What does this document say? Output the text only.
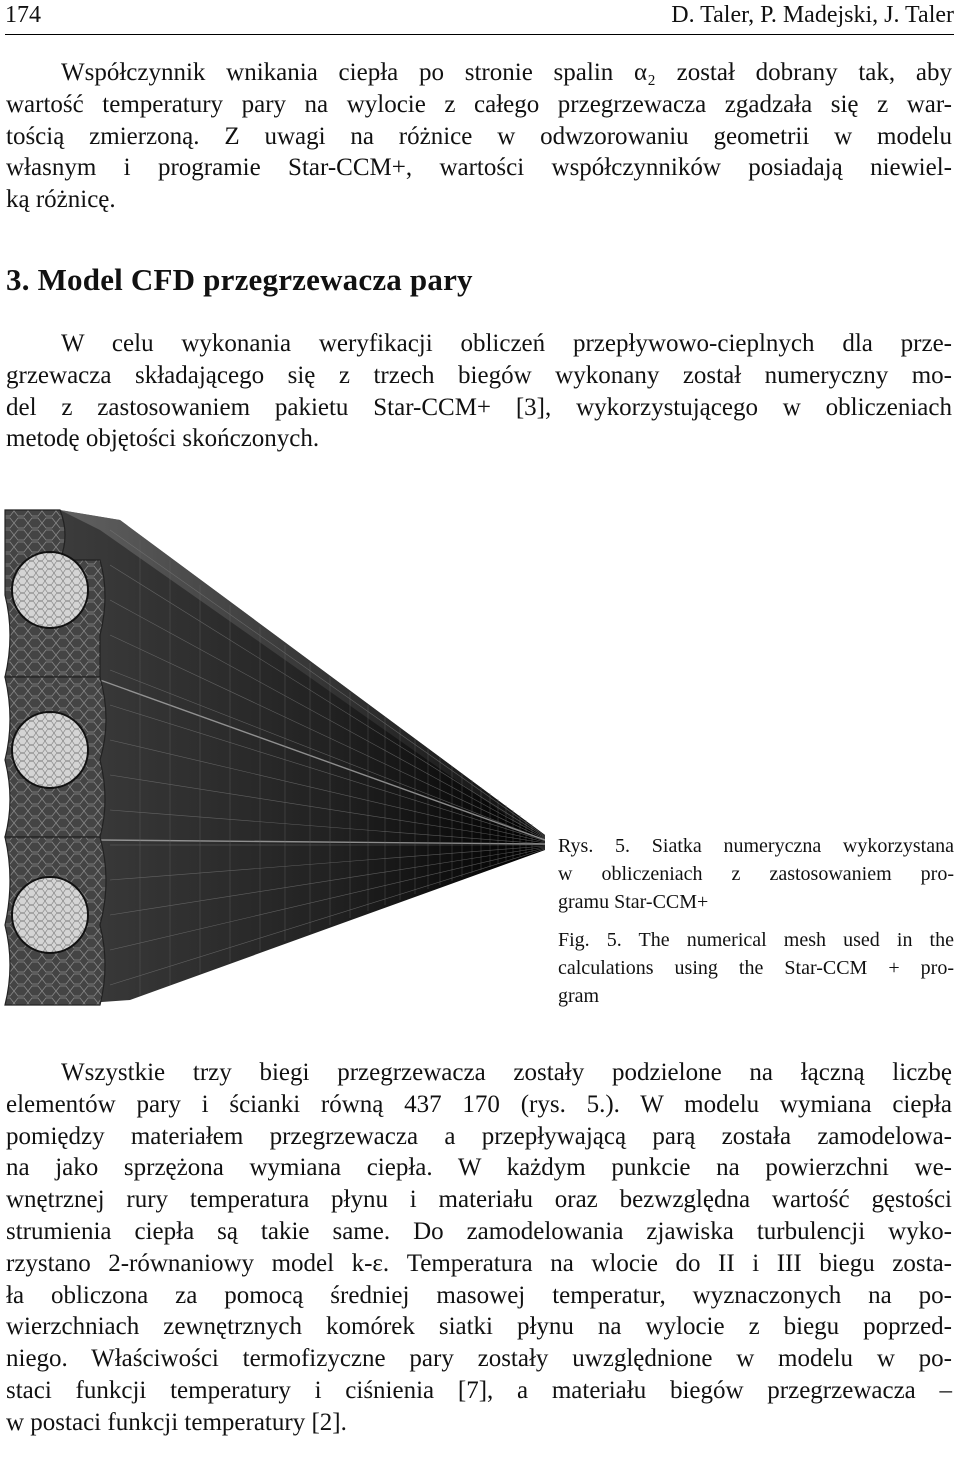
174	D. Taler, P. Madejski, J. Taler

Współczynnik wnikania ciepła po stronie spalin α₂ został dobrany tak, aby
wartość temperatury pary na wylocie z całego przegrzewacza zgadzała się z war-
tością zmierzoną. Z uwagi na różnice w odwzorowaniu geometrii w modelu
własnym i programie Star-CCM+, wartości współczynników posiadają niewiel-
ką różnicę.

3. Model CFD przegrzewacza pary

W celu wykonania weryfikacji obliczeń przepływowo-cieplnych dla prze-
grzewacza składającego się z trzech biegów wykonany został numeryczny mo-
del z zastosowaniem pakietu Star-CCM+ [3], wykorzystującego w obliczeniach
metodę objętości skończonych.

Rys. 5. Siatka numeryczna wykorzystana
w obliczeniach z zastosowaniem pro-
gramu Star-CCM+
Fig. 5. The numerical mesh used in the
calculations using the Star-CCM + pro-
gram

Wszystkie trzy biegi przegrzewacza zostały podzielone na łączną liczbę
elementów pary i ścianki równą 437 170 (rys. 5.). W modelu wymiana ciepła
pomiędzy materiałem przegrzewacza a przepływającą parą została zamodelowa-
na jako sprzężona wymiana ciepła. W każdym punkcie na powierzchni we-
wnętrznej rury temperatura płynu i materiału oraz bezwzględna wartość gęstości
strumienia ciepła są takie same. Do zamodelowania zjawiska turbulencji wyko-
rzystano 2-równaniowy model k-ε. Temperatura na wlocie do II i III biegu zosta-
ła obliczona za pomocą średniej masowej temperatur, wyznaczonych na po-
wierzchniach zewnętrznych komórek siatki płynu na wylocie z biegu poprzed-
niego. Właściwości termofizyczne pary zostały uwzględnione w modelu w po-
staci funkcji temperatury i ciśnienia [7], a materiału biegów przegrzewacza –
w postaci funkcji temperatury [2].
